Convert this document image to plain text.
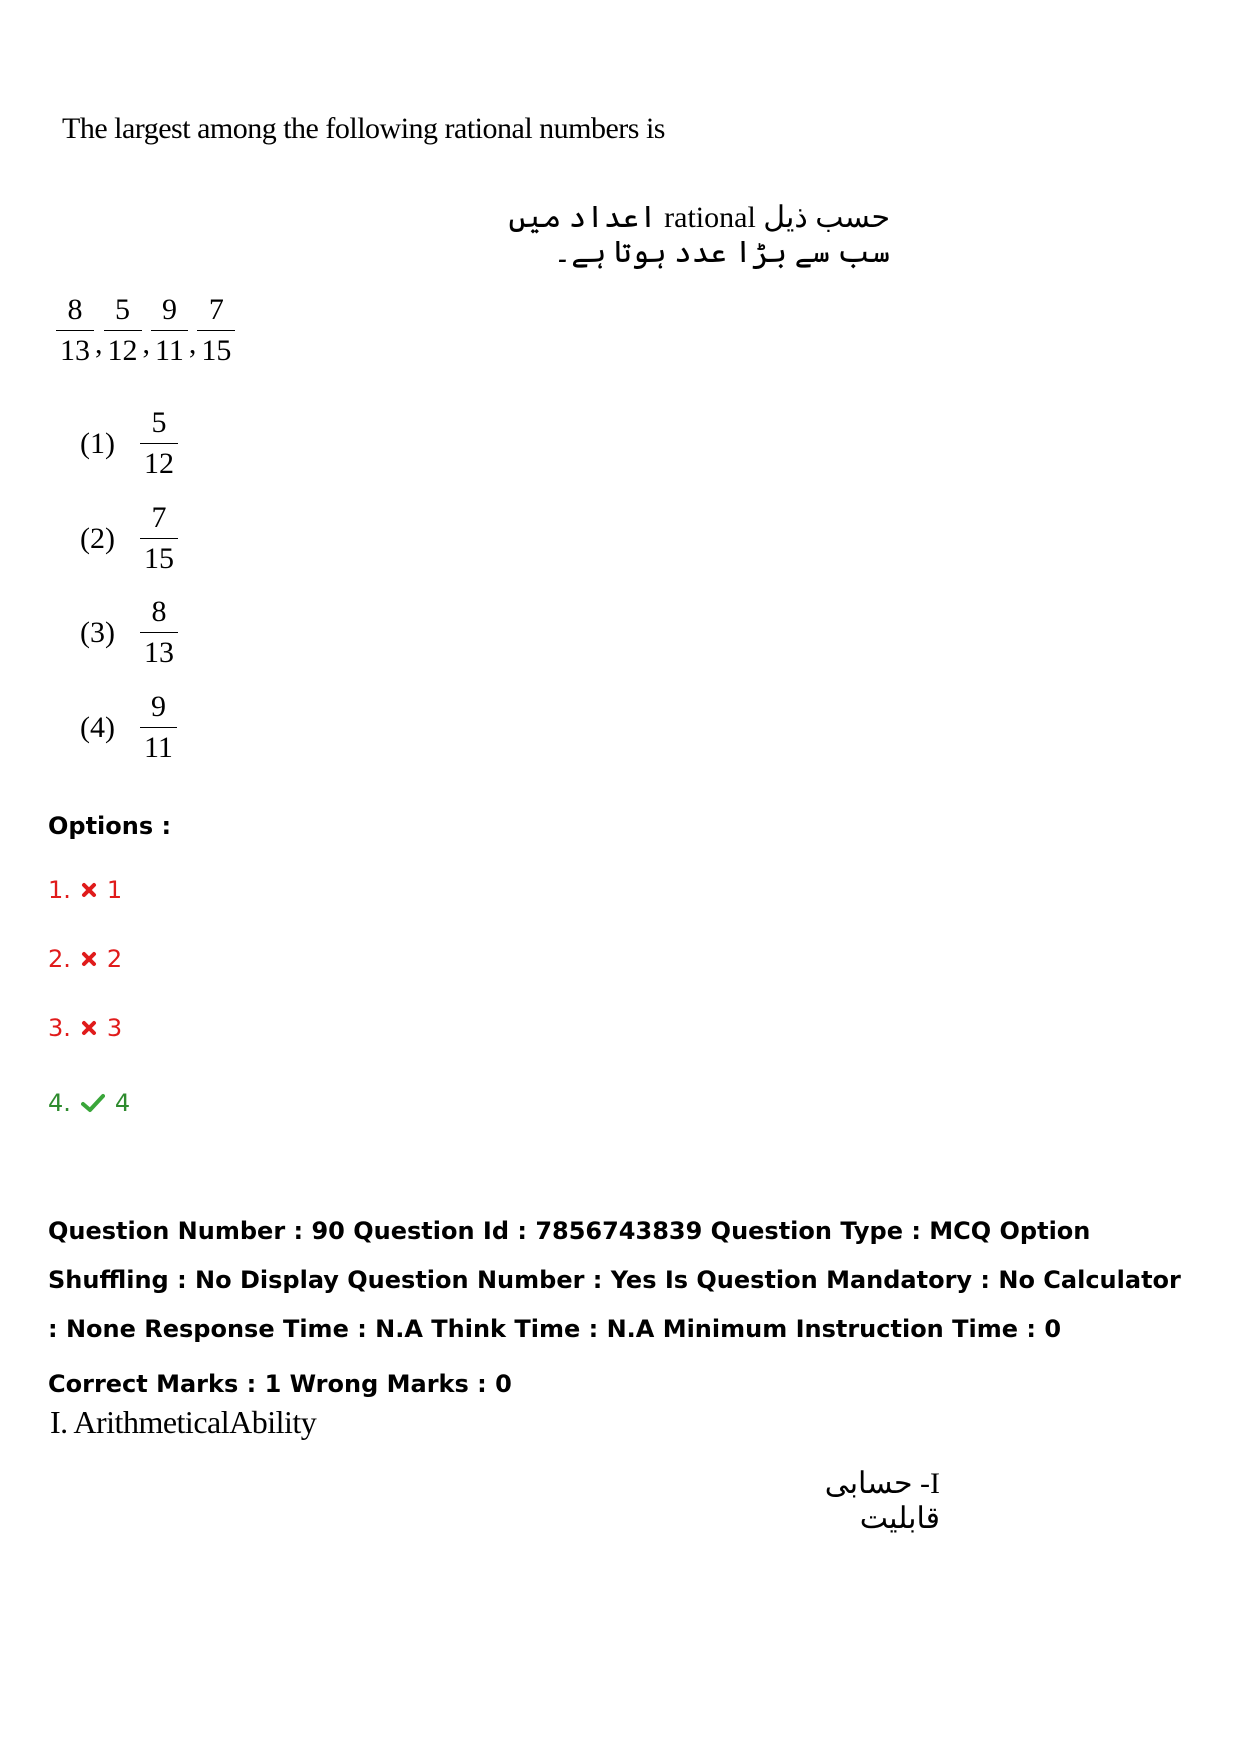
The largest among the following rational numbers is
حسب ذیل rational اعداد میں سب سے بڑا عدد ہوتا ہے۔
$\frac{8}{13}$ , $\frac{5}{12}$ , $\frac{9}{11}$ , $\frac{7}{15}$
$(1) \frac{5}{12}$
$(2) \frac{7}{15}$
$(3) \frac{8}{13}$
$(4) \frac{9}{11}$
Options :
1. 1
2. 2
3. 3
4. 4
Question Number : 90 Question Id : 7856743839 Question Type : MCQ Option Shuffling : No Display Question Number : Yes Is Question Mandatory : No Calculator : None Response Time : N.A Think Time : N.A Minimum Instruction Time : 0
Correct Marks : 1 Wrong Marks : 0
I. ArithmeticalAbility
I- حسابی قابلیت
